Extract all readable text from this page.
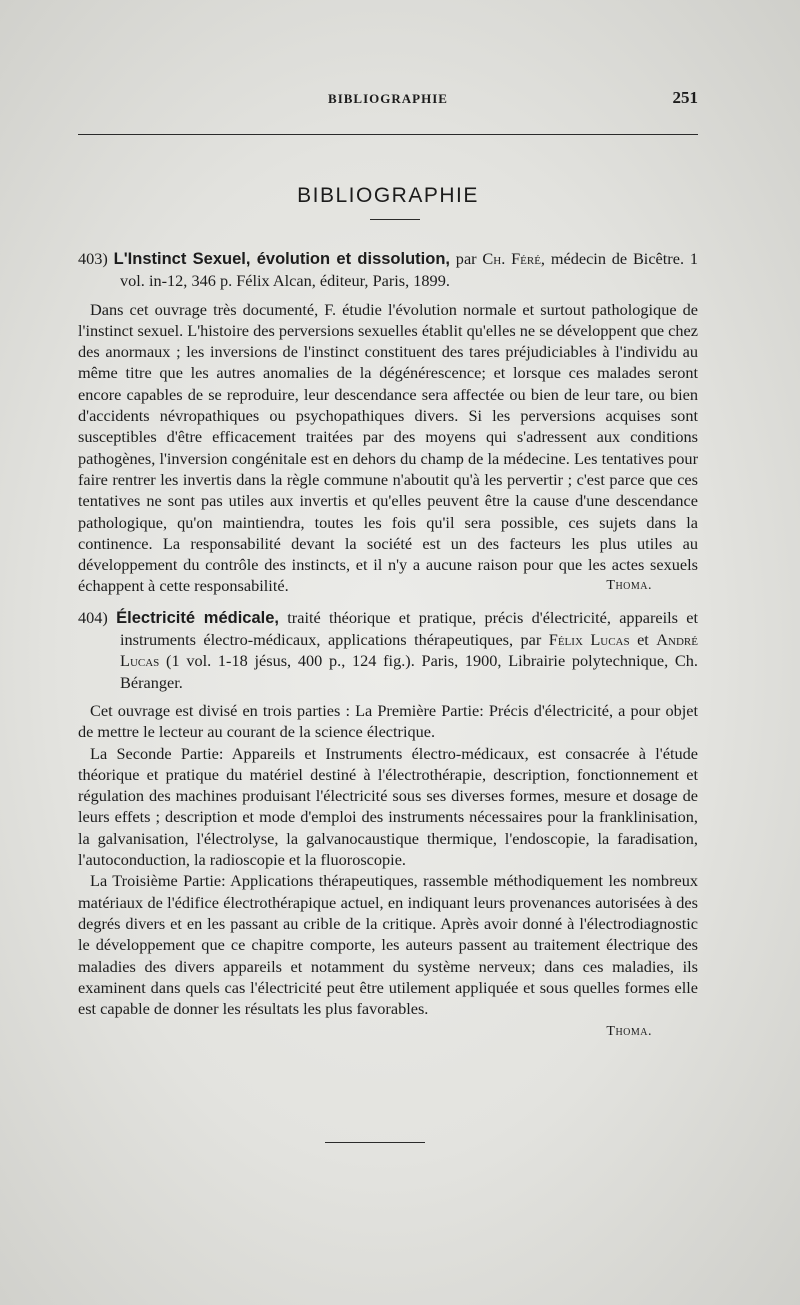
BIBLIOGRAPHIE	251
BIBLIOGRAPHIE

403) L'Instinct Sexuel, évolution et dissolution, par Ch. Féré, médecin de Bicêtre. 1 vol. in-12, 346 p. Félix Alcan, éditeur, Paris, 1899.

Dans cet ouvrage très documenté, F. étudie l'évolution normale et surtout pathologique de l'instinct sexuel. L'histoire des perversions sexuelles établit qu'elles ne se développent que chez des anormaux ; les inversions de l'instinct constituent des tares préjudiciables à l'individu au même titre que les autres anomalies de la dégénérescence; et lorsque ces malades seront encore capables de se reproduire, leur descendance sera affectée ou bien de leur tare, ou bien d'accidents névropathiques ou psychopathiques divers. Si les perversions acquises sont susceptibles d'être efficacement traitées par des moyens qui s'adressent aux conditions pathogènes, l'inversion congénitale est en dehors du champ de la médecine. Les tentatives pour faire rentrer les invertis dans la règle commune n'aboutit qu'à les pervertir ; c'est parce que ces tentatives ne sont pas utiles aux invertis et qu'elles peuvent être la cause d'une descendance pathologique, qu'on maintiendra, toutes les fois qu'il sera possible, ces sujets dans la continence. La responsabilité devant la société est un des facteurs les plus utiles au développement du contrôle des instincts, et il n'y a aucune raison pour que les actes sexuels échappent à cette responsabilité.	Thoma.

404) Électricité médicale, traité théorique et pratique, précis d'électricité, appareils et instruments électro-médicaux, applications thérapeutiques, par Félix Lucas et André Lucas (1 vol. 1-18 jésus, 400 p., 124 fig.). Paris, 1900, Librairie polytechnique, Ch. Béranger.

Cet ouvrage est divisé en trois parties : La Première Partie: Précis d'électricité, a pour objet de mettre le lecteur au courant de la science électrique.

La Seconde Partie: Appareils et Instruments électro-médicaux, est consacrée à l'étude théorique et pratique du matériel destiné à l'électrothérapie, description, fonctionnement et régulation des machines produisant l'électricité sous ses diverses formes, mesure et dosage de leurs effets ; description et mode d'emploi des instruments nécessaires pour la franklinisation, la galvanisation, l'électrolyse, la galvanocaustique thermique, l'endoscopie, la faradisation, l'autoconduction, la radioscopie et la fluoroscopie.

La Troisième Partie: Applications thérapeutiques, rassemble méthodiquement les nombreux matériaux de l'édifice électrothérapique actuel, en indiquant leurs provenances autorisées à des degrés divers et en les passant au crible de la critique. Après avoir donné à l'électrodiagnostic le développement que ce chapitre comporte, les auteurs passent au traitement électrique des maladies des divers appareils et notamment du système nerveux; dans ces maladies, ils examinent dans quels cas l'électricité peut être utilement appliquée et sous quelles formes elle est capable de donner les résultats les plus favorables.

Thoma.
